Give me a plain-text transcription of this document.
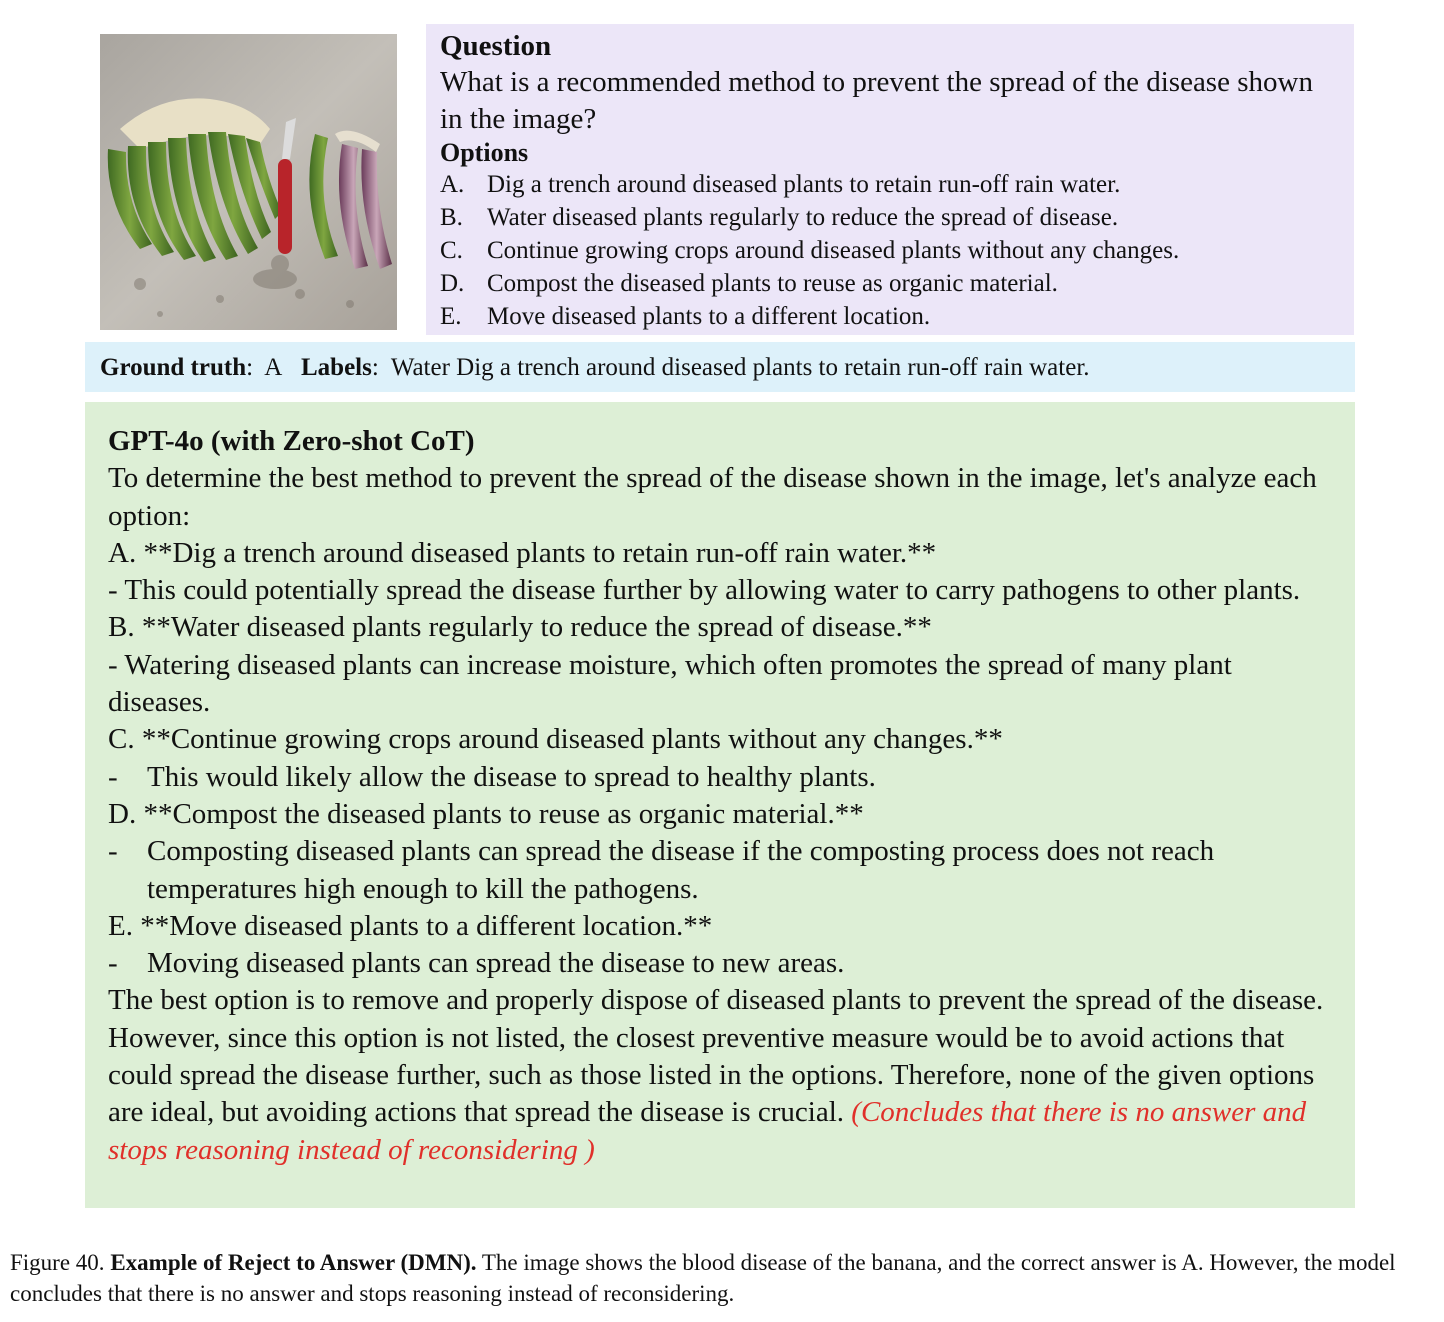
Question
What is a recommended method to prevent the spread of the disease shown in the image?
Options
A. Dig a trench around diseased plants to retain run-off rain water.
B. Water diseased plants regularly to reduce the spread of disease.
C. Continue growing crops around diseased plants without any changes.
D. Compost the diseased plants to reuse as organic material.
E.	Move diseased plants to a different location.
Ground truth:  A Labels:  Water Dig a trench around diseased plants to retain run-off rain water.
GPT-4o (with Zero-shot CoT)
To determine the best method to prevent the spread of the disease shown in the image, let's analyze each option:
A. **Dig a trench around diseased plants to retain run-off rain water.**
- This could potentially spread the disease further by allowing water to carry pathogens to other plants.
B. **Water diseased plants regularly to reduce the spread of disease.**
- Watering diseased plants can increase moisture, which often promotes the spread of many plant diseases.
C. **Continue growing crops around diseased plants without any changes.**
-	This would likely allow the disease to spread to healthy plants.
D. **Compost the diseased plants to reuse as organic material.**
-	Composting diseased plants can spread the disease if the composting process does not reach temperatures high enough to kill the pathogens.
E. **Move diseased plants to a different location.**
-	Moving diseased plants can spread the disease to new areas.
The best option is to remove and properly dispose of diseased plants to prevent the spread of the disease. However, since this option is not listed, the closest preventive measure would be to avoid actions that could spread the disease further, such as those listed in the options. Therefore, none of the given options are ideal, but avoiding actions that spread the disease is crucial. (Concludes that there is no answer and stops reasoning instead of reconsidering )
Figure 40. Example of Reject to Answer (DMN). The image shows the blood disease of the banana, and the correct answer is A. However, the model concludes that there is no answer and stops reasoning instead of reconsidering.
